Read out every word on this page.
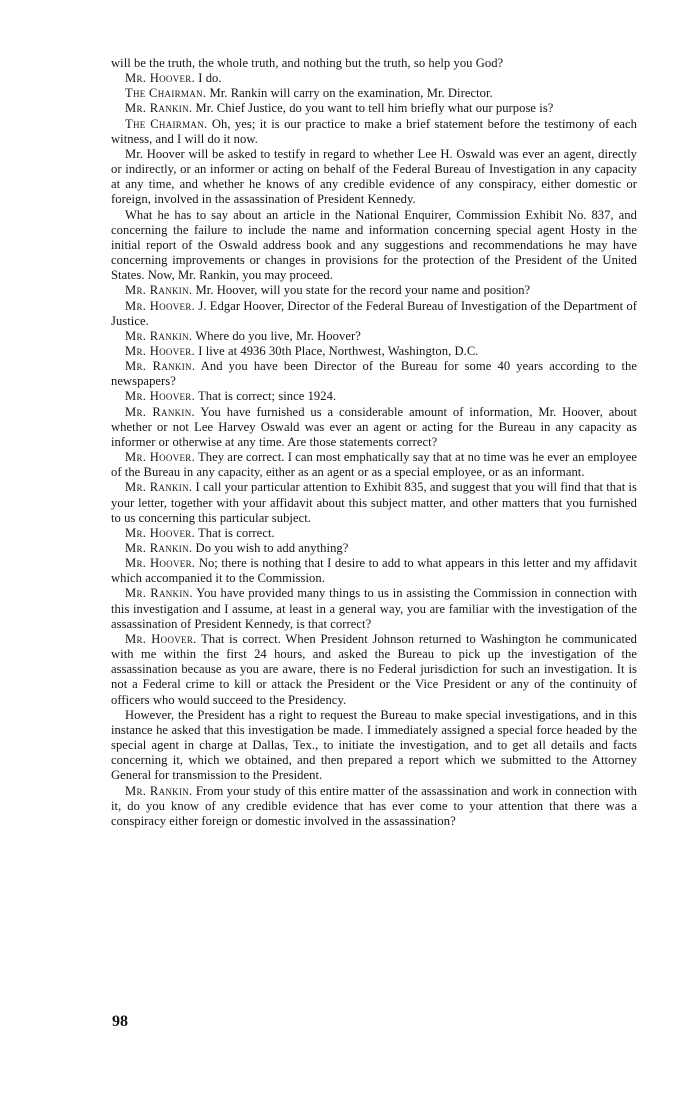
will be the truth, the whole truth, and nothing but the truth, so help you God?

Mr. Hoover. I do.

The Chairman. Mr. Rankin will carry on the examination, Mr. Director.

Mr. Rankin. Mr. Chief Justice, do you want to tell him briefly what our purpose is?

The Chairman. Oh, yes; it is our practice to make a brief statement before the testimony of each witness, and I will do it now.

Mr. Hoover will be asked to testify in regard to whether Lee H. Oswald was ever an agent, directly or indirectly, or an informer or acting on behalf of the Federal Bureau of Investigation in any capacity at any time, and whether he knows of any credible evidence of any conspiracy, either domestic or foreign, involved in the assassination of President Kennedy.

What he has to say about an article in the National Enquirer, Commission Exhibit No. 837, and concerning the failure to include the name and information concerning special agent Hosty in the initial report of the Oswald address book and any suggestions and recommendations he may have concerning improvements or changes in provisions for the protection of the President of the United States. Now, Mr. Rankin, you may proceed.

Mr. Rankin. Mr. Hoover, will you state for the record your name and position?

Mr. Hoover. J. Edgar Hoover, Director of the Federal Bureau of Investigation of the Department of Justice.

Mr. Rankin. Where do you live, Mr. Hoover?

Mr. Hoover. I live at 4936 30th Place, Northwest, Washington, D.C.

Mr. Rankin. And you have been Director of the Bureau for some 40 years according to the newspapers?

Mr. Hoover. That is correct; since 1924.

Mr. Rankin. You have furnished us a considerable amount of information, Mr. Hoover, about whether or not Lee Harvey Oswald was ever an agent or acting for the Bureau in any capacity as informer or otherwise at any time. Are those statements correct?

Mr. Hoover. They are correct. I can most emphatically say that at no time was he ever an employee of the Bureau in any capacity, either as an agent or as a special employee, or as an informant.

Mr. Rankin. I call your particular attention to Exhibit 835, and suggest that you will find that that is your letter, together with your affidavit about this subject matter, and other matters that you furnished to us concerning this particular subject.

Mr. Hoover. That is correct.

Mr. Rankin. Do you wish to add anything?

Mr. Hoover. No; there is nothing that I desire to add to what appears in this letter and my affidavit which accompanied it to the Commission.

Mr. Rankin. You have provided many things to us in assisting the Commission in connection with this investigation and I assume, at least in a general way, you are familiar with the investigation of the assassination of President Kennedy, is that correct?

Mr. Hoover. That is correct. When President Johnson returned to Washington he communicated with me within the first 24 hours, and asked the Bureau to pick up the investigation of the assassination because as you are aware, there is no Federal jurisdiction for such an investigation. It is not a Federal crime to kill or attack the President or the Vice President or any of the continuity of officers who would succeed to the Presidency.

However, the President has a right to request the Bureau to make special investigations, and in this instance he asked that this investigation be made. I immediately assigned a special force headed by the special agent in charge at Dallas, Tex., to initiate the investigation, and to get all details and facts concerning it, which we obtained, and then prepared a report which we submitted to the Attorney General for transmission to the President.

Mr. Rankin. From your study of this entire matter of the assassination and work in connection with it, do you know of any credible evidence that has ever come to your attention that there was a conspiracy either foreign or domestic involved in the assassination?

98
